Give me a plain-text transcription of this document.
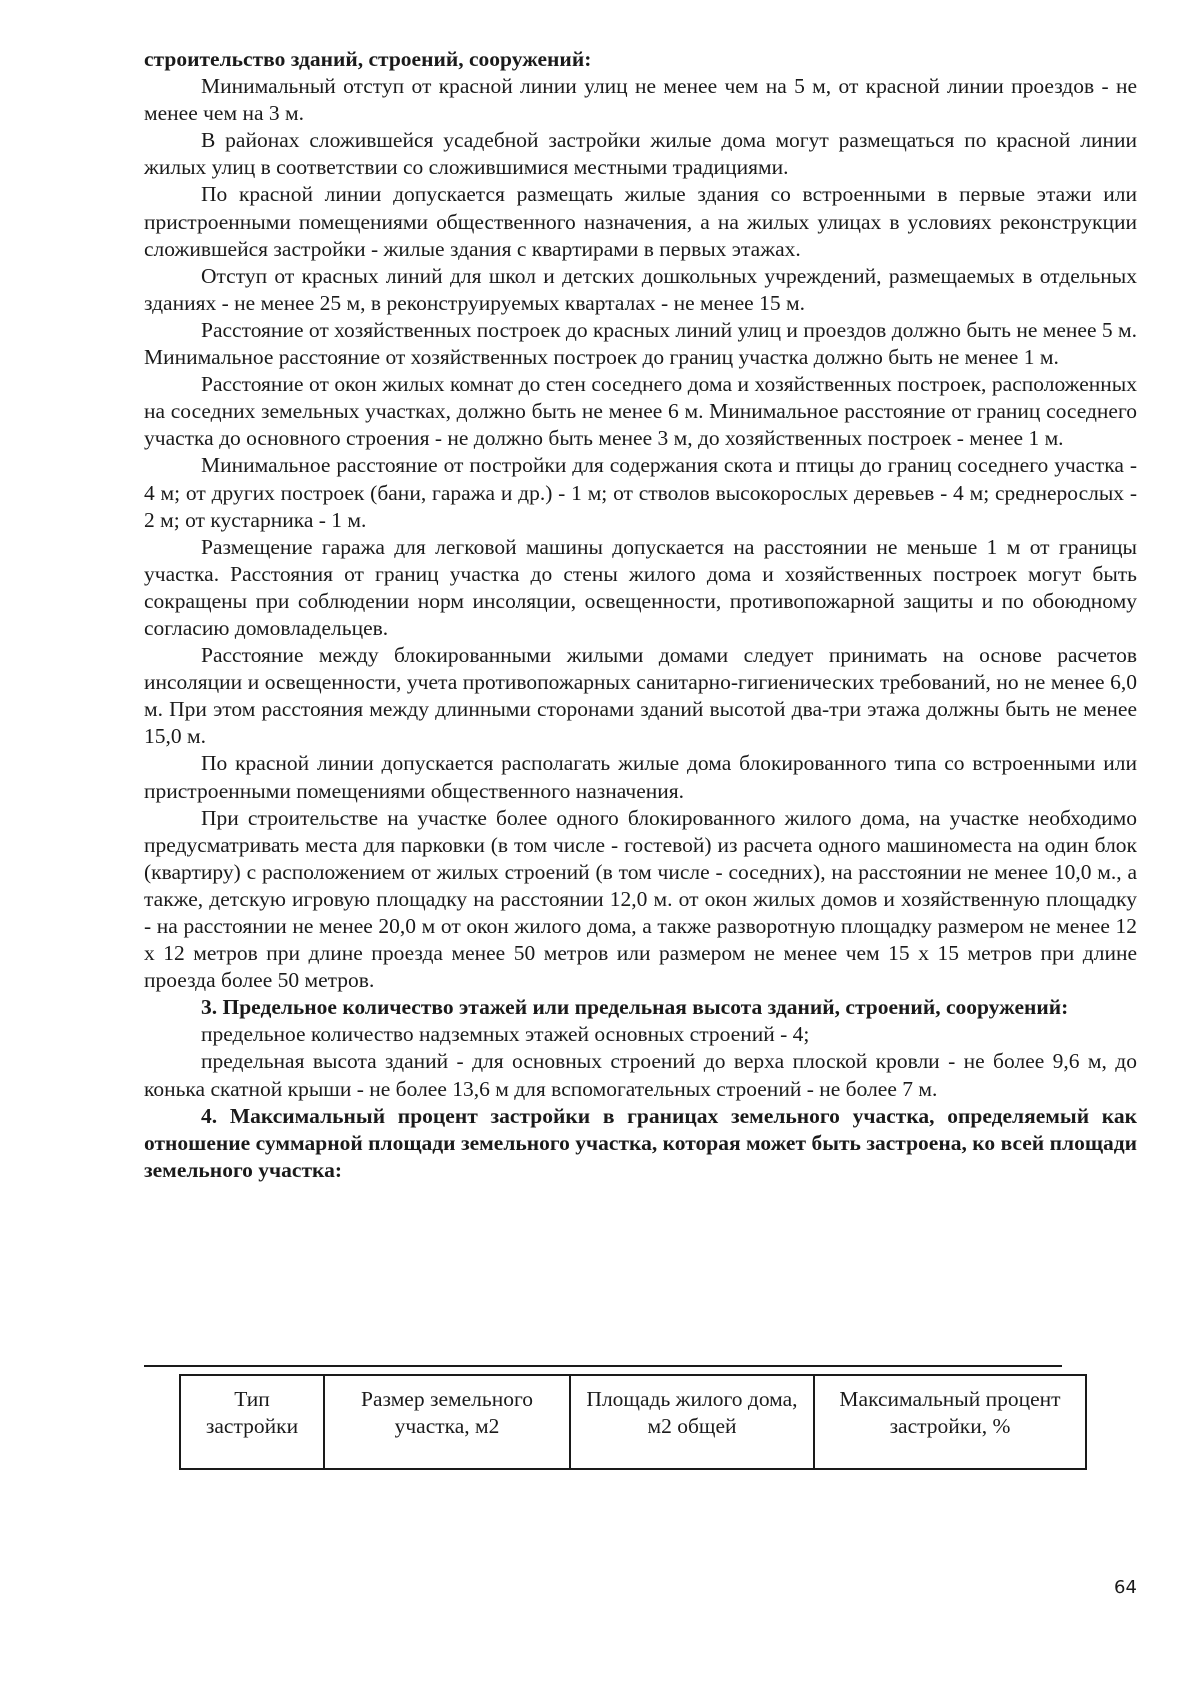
строительство зданий, строений, сооружений:

Минимальный отступ от красной линии улиц не менее чем на 5 м, от красной линии проездов - не менее чем на 3 м.

В районах сложившейся усадебной застройки жилые дома могут размещаться по красной линии жилых улиц в соответствии со сложившимися местными традициями.

По красной линии допускается размещать жилые здания со встроенными в первые этажи или пристроенными помещениями общественного назначения, а на жилых улицах в условиях реконструкции сложившейся застройки - жилые здания с квартирами в первых этажах.

Отступ от красных линий для школ и детских дошкольных учреждений, размещаемых в отдельных зданиях - не менее 25 м, в реконструируемых кварталах - не менее 15 м.

Расстояние от хозяйственных построек до красных линий улиц и проездов должно быть не менее 5 м. Минимальное расстояние от хозяйственных построек до границ участка должно быть не менее 1 м.

Расстояние от окон жилых комнат до стен соседнего дома и хозяйственных построек, расположенных на соседних земельных участках, должно быть не менее 6 м. Минимальное расстояние от границ соседнего участка до основного строения - не должно быть менее 3 м, до хозяйственных построек - менее 1 м.

Минимальное расстояние от постройки для содержания скота и птицы до границ соседнего участка - 4 м; от других построек (бани, гаража и др.) - 1 м; от стволов высокорослых деревьев - 4 м; среднерослых - 2 м; от кустарника - 1 м.

Размещение гаража для легковой машины допускается на расстоянии не меньше 1 м от границы участка. Расстояния от границ участка до стены жилого дома и хозяйственных построек могут быть сокращены при соблюдении норм инсоляции, освещенности, противопожарной защиты и по обоюдному согласию домовладельцев.

Расстояние между блокированными жилыми домами следует принимать на основе расчетов инсоляции и освещенности, учета противопожарных санитарно-гигиенических требований, но не менее 6,0 м. При этом расстояния между длинными сторонами зданий высотой два-три этажа должны быть не менее 15,0 м.

По красной линии допускается располагать жилые дома блокированного типа со встроенными или пристроенными помещениями общественного назначения.

При строительстве на участке более одного блокированного жилого дома, на участке необходимо предусматривать места для парковки (в том числе - гостевой) из расчета одного машиноместа на один блок (квартиру) с расположением от жилых строений (в том числе - соседних), на расстоянии не менее 10,0 м., а также, детскую игровую площадку на расстоянии 12,0 м. от окон жилых домов и хозяйственную площадку - на расстоянии не менее 20,0 м от окон жилого дома, а также разворотную площадку размером не менее 12 х 12 метров при длине проезда менее 50 метров или размером не менее чем 15 х 15 метров при длине проезда более 50 метров.

3. Предельное количество этажей или предельная высота зданий, строений, сооружений:

предельное количество надземных этажей основных строений - 4;

предельная высота зданий - для основных строений до верха плоской кровли - не более 9,6 м, до конька скатной крыши - не более 13,6 м для вспомогательных строений - не более 7 м.

4. Максимальный процент застройки в границах земельного участка, определяемый как отношение суммарной площади земельного участка, которая может быть застроена, ко всей площади земельного участка:

Тип застройки	Размер земельного участка, м2	Площадь жилого дома, м2 общей	Максимальный процент застройки, %
64
